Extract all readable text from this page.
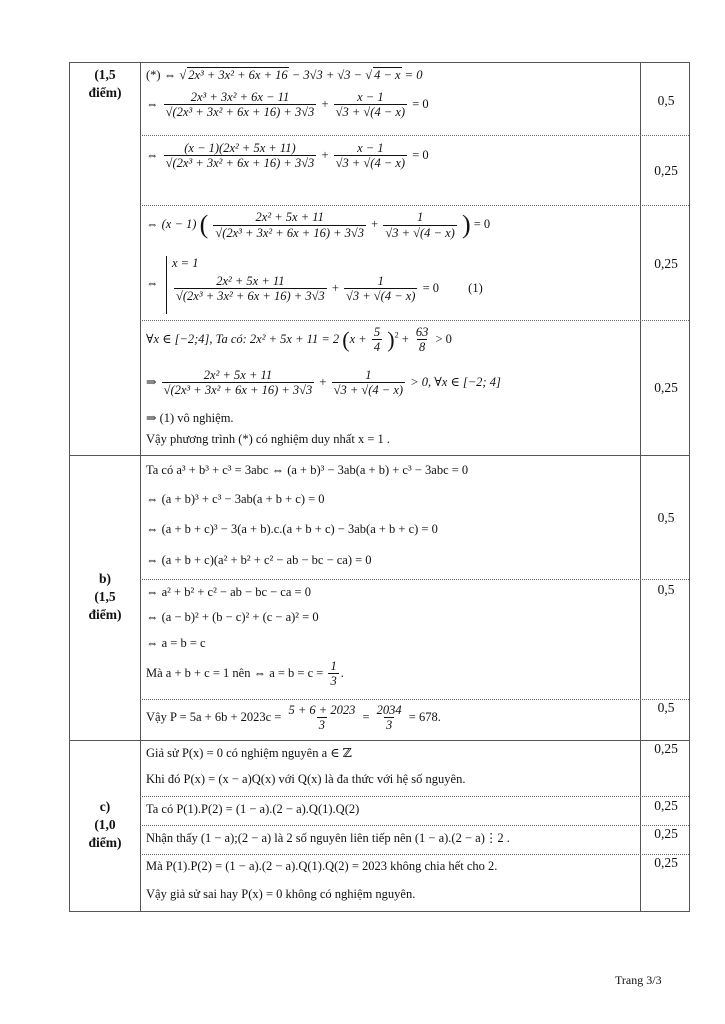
(1,5
điểm)
b)
(1,5
điểm)
c)
(1,0
điểm)
0,5
0,25
0,25
0,25
0,5
0,5
0,5
0,25
0,25
0,25
0,25
(*) ⇔ √ 2x³ + 3x² + 6x + 16 − 3√3 + √3 − √ 4 − x = 0
⇔ $\frac{\text{2x³ + 3x² + 6x − 11}}{\text{√(2x³ + 3x² + 6x + 16) + 3√3}} + \frac{x - 1}{√3 + √(4 - x)} = 0$
⇔ $\frac{\text{(x − 1)(2x² + 5x + 11)}}{\text{√(2x³ + 3x² + 6x + 16) + 3√3}} + \frac{x - 1}{√3 + √(4 - x)} = 0$
⇔ (x − 1) ( $\frac{\text{2x² + 5x + 11}}{\text{√(2x³ + 3x² + 6x + 16) + 3√3}} + \frac{1}{√3 + √(4 - x)}$ ) = 0
⇔
x = 1
$\frac{\text{2x² + 5x + 11}}{\text{√(2x³ + 3x² + 6x + 16) + 3√3}} + \frac{1}{√3 + √(4 - x)} = 0$ (1)
∀x ∈ [−2;4], Ta có: 2x² + 5x + 11 = 2 $(x + \frac{5}{4} )^2 + \frac{63}{8} > 0$
⇒ $\frac{\text{2x² + 5x + 11}}{\text{√(2x³ + 3x² + 6x + 16) + 3√3}} + \frac{1}{√3 + √(4 - x)} > 0$, ∀x ∈ [−2; 4]
⇒ (1) vô nghiệm.
Vậy phương trình (*) có nghiệm duy nhất x = 1 .
Ta có a³ + b³ + c³ = 3abc ⇔ (a + b)³ − 3ab(a + b) + c³ − 3abc = 0
⇔ (a + b)³ + c³ − 3ab(a + b + c) = 0
⇔ (a + b + c)³ − 3(a + b).c.(a + b + c) − 3ab(a + b + c) = 0
⇔ (a + b + c)(a² + b² + c² − ab − bc − ca) = 0
⇔ a² + b² + c² − ab − bc − ca = 0
⇔ (a − b)² + (b − c)² + (c − a)² = 0
⇔ a = b = c
Mà a + b + c = 1 nên ⇔ $a = b = c = \frac{1}{3}$ .
Vậy $P = 5a + 6b + 2023c = \frac{5 + 6 + 2023}{3} = \frac{2034}{3} = 678$.
Giả sử P(x) = 0 có nghiệm nguyên a ∈ ℤ
Khi đó P(x) = (x − a)Q(x) với Q(x) là đa thức với hệ số nguyên.
Ta có P(1).P(2) = (1 − a).(2 − a).Q(1).Q(2)
Nhận thấy (1 − a);(2 − a) là 2 số nguyên liên tiếp nên (1 − a).(2 − a)⋮2 .
Mà P(1).P(2) = (1 − a).(2 − a).Q(1).Q(2) = 2023 không chia hết cho 2.
Vậy giả sử sai hay P(x) = 0 không có nghiệm nguyên.
Trang 3/3
